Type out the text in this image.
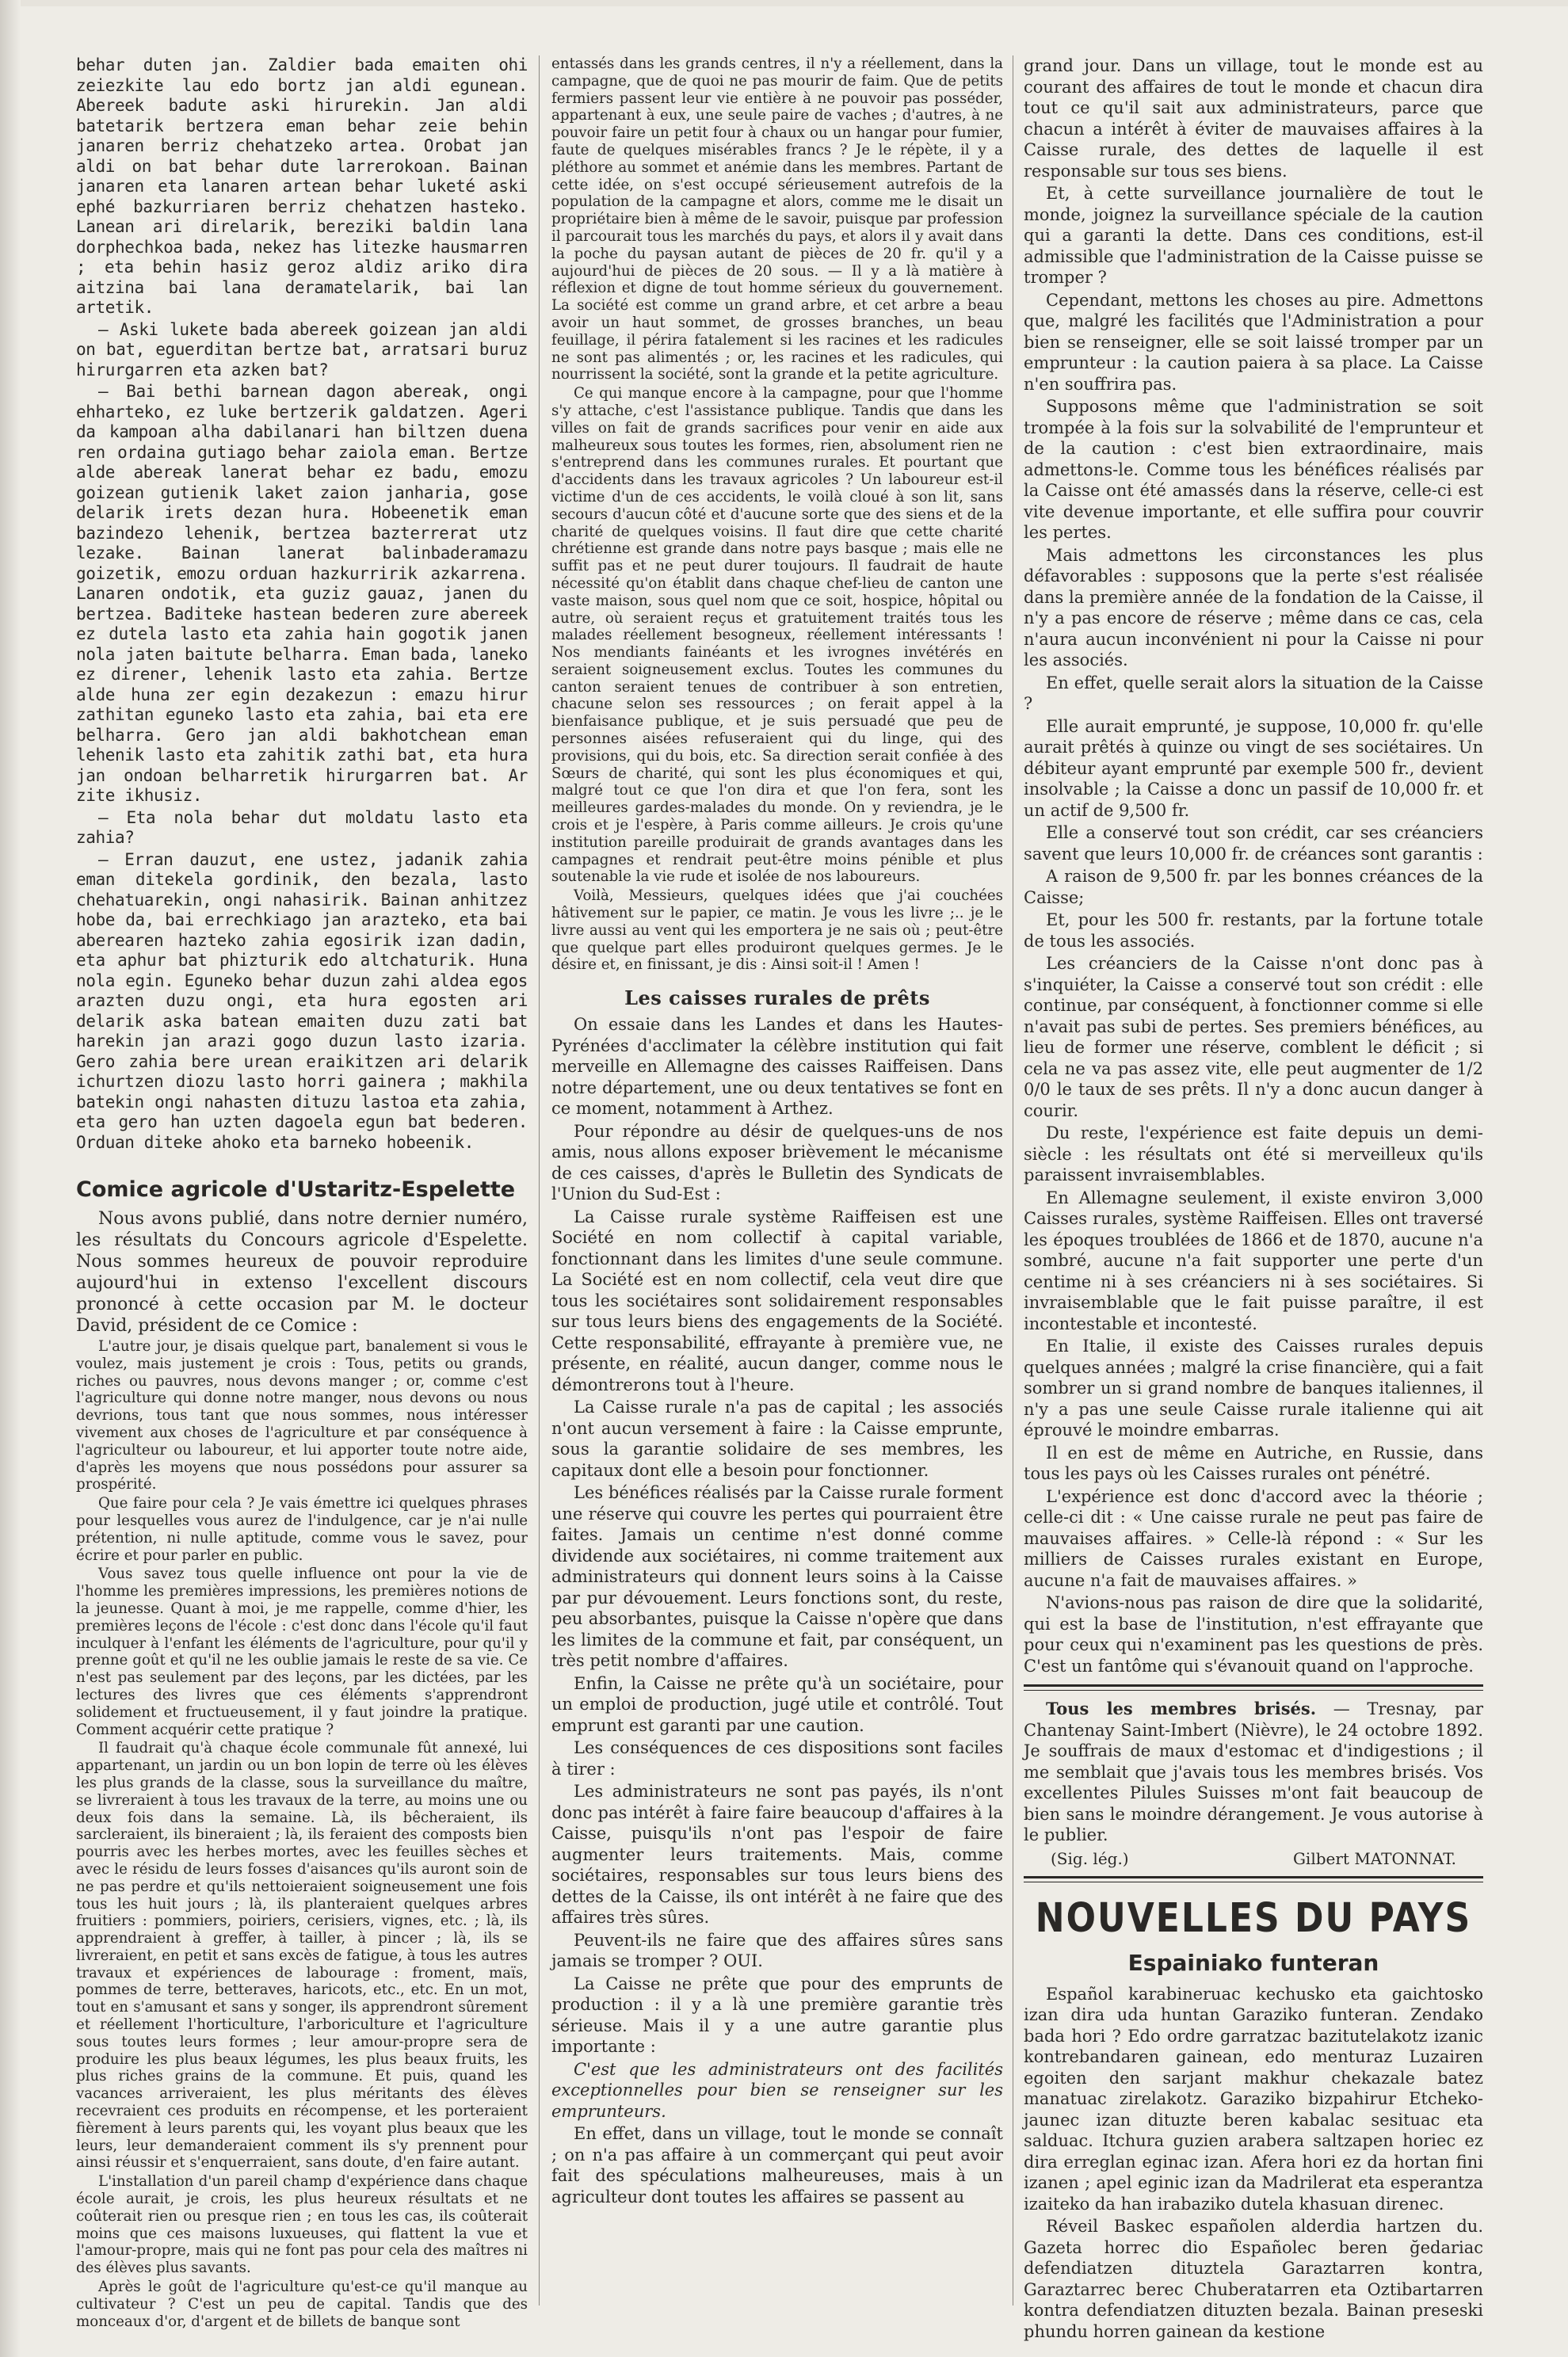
behar duten jan. Zaldier bada emaiten ohi zeiezkite lau edo bortz jan aldi egunean. Abereek badute aski hirurekin. Jan aldi batetarik bertzera eman behar zeie behin janaren berriz chehatzeko artea. Orobat jan aldi on bat behar dute larrerokoan. Bainan janaren eta lanaren artean behar luketé aski ephé bazkurriaren berriz chehatzen hasteko. Lanean ari direlarik, bereziki baldin lana dorphechkoa bada, nekez has litezke hausmarren ; eta behin hasiz geroz aldiz ariko dira aitzina bai lana deramatelarik, bai lan artetik.

— Aski lukete bada abereek goizean jan aldi on bat, eguerditan bertze bat, arratsari buruz hirurgarren eta azken bat?

— Bai bethi barnean dagon abereak, ongi ehharteko, ez luke bertzerik galdatzen. Ageri da kampoan alha dabilanari han biltzen duena ren ordaina gutiago behar zaiola eman. Bertze alde abereak lanerat behar ez badu, emozu goizean gutienik laket zaion janharia, gose delarik irets dezan hura. Hobeenetik eman bazindezo lehenik, bertzea bazterrerat utz lezake. Bainan lanerat balinbaderamazu goizetik, emozu orduan hazkurririk azkarrena. Lanaren ondotik, eta guziz gauaz, janen du bertzea. Baditeke hastean bederen zure abereek ez dutela lasto eta zahia hain gogotik janen nola jaten baitute belharra. Eman bada, laneko ez direner, lehenik lasto eta zahia. Bertze alde huna zer egin dezakezun : emazu hirur zathitan eguneko lasto eta zahia, bai eta ere belharra. Gero jan aldi bakhotchean eman lehenik lasto eta zahitik zathi bat, eta hura jan ondoan belharretik hirurgarren bat. Ar zite ikhusiz.

— Eta nola behar dut moldatu lasto eta zahia?

— Erran dauzut, ene ustez, jadanik zahia eman ditekela gordinik, den bezala, lasto chehatuarekin, ongi nahasirik. Bainan anhitzez hobe da, bai errechkiago jan arazteko, eta bai aberearen hazteko zahia egosirik izan dadin, eta aphur bat phizturik edo altchaturik. Huna nola egin. Eguneko behar duzun zahi aldea egos arazten duzu ongi, eta hura egosten ari delarik aska batean emaiten duzu zati bat harekin jan arazi gogo duzun lasto izaria. Gero zahia bere urean eraikitzen ari delarik ichurtzen diozu lasto horri gainera ; makhila batekin ongi nahasten dituzu lastoa eta zahia, eta gero han uzten dagoela egun bat bederen. Orduan diteke ahoko eta barneko hobeenik.

Comice agricole d'Ustaritz-Espelette

Nous avons publié, dans notre dernier numéro, les résultats du Concours agricole d'Espelette. Nous sommes heureux de pouvoir reproduire aujourd'hui in extenso l'excellent discours prononcé à cette occasion par M. le docteur David, président de ce Comice :

L'autre jour, je disais quelque part, banalement si vous le voulez, mais justement je crois : Tous, petits ou grands, riches ou pauvres, nous devons manger ; or, comme c'est l'agriculture qui donne notre manger, nous devons ou nous devrions, tous tant que nous sommes, nous intéresser vivement aux choses de l'agriculture et par conséquence à l'agriculteur ou laboureur, et lui apporter toute notre aide, d'après les moyens que nous possédons pour assurer sa prospérité.

Que faire pour cela ? Je vais émettre ici quelques phrases pour lesquelles vous aurez de l'indulgence, car je n'ai nulle prétention, ni nulle aptitude, comme vous le savez, pour écrire et pour parler en public.

Vous savez tous quelle influence ont pour la vie de l'homme les premières impressions, les premières notions de la jeunesse. Quant à moi, je me rappelle, comme d'hier, les premières leçons de l'école : c'est donc dans l'école qu'il faut inculquer à l'enfant les éléments de l'agriculture, pour qu'il y prenne goût et qu'il ne les oublie jamais le reste de sa vie. Ce n'est pas seulement par des leçons, par les dictées, par les lectures des livres que ces éléments s'apprendront solidement et fructueusement, il y faut joindre la pratique. Comment acquérir cette pratique ?

Il faudrait qu'à chaque école communale fût annexé, lui appartenant, un jardin ou un bon lopin de terre où les élèves les plus grands de la classe, sous la surveillance du maître, se livreraient à tous les travaux de la terre, au moins une ou deux fois dans la semaine. Là, ils bêcheraient, ils sarcleraient, ils bineraient ; là, ils feraient des composts bien pourris avec les herbes mortes, avec les feuilles sèches et avec le résidu de leurs fosses d'aisances qu'ils auront soin de ne pas perdre et qu'ils nettoieraient soigneusement une fois tous les huit jours ; là, ils planteraient quelques arbres fruitiers : pommiers, poiriers, cerisiers, vignes, etc. ; là, ils apprendraient à greffer, à tailler, à pincer ; là, ils se livreraient, en petit et sans excès de fatigue, à tous les autres travaux et expériences de labourage : froment, maïs, pommes de terre, betteraves, haricots, etc., etc. En un mot, tout en s'amusant et sans y songer, ils apprendront sûrement et réellement l'horticulture, l'arboriculture et l'agriculture sous toutes leurs formes ; leur amour-propre sera de produire les plus beaux légumes, les plus beaux fruits, les plus riches grains de la commune. Et puis, quand les vacances arriveraient, les plus méritants des élèves recevraient ces produits en récompense, et les porteraient fièrement à leurs parents qui, les voyant plus beaux que les leurs, leur demanderaient comment ils s'y prennent pour ainsi réussir et s'enquerraient, sans doute, d'en faire autant.

L'installation d'un pareil champ d'expérience dans chaque école aurait, je crois, les plus heureux résultats et ne coûterait rien ou presque rien ; en tous les cas, ils coûterait moins que ces maisons luxueuses, qui flattent la vue et l'amour-propre, mais qui ne font pas pour cela des maîtres ni des élèves plus savants.

Après le goût de l'agriculture qu'est-ce qu'il manque au cultivateur ? C'est un peu de capital. Tandis que des monceaux d'or, d'argent et de billets de banque sont

entassés dans les grands centres, il n'y a réellement, dans la campagne, que de quoi ne pas mourir de faim. Que de petits fermiers passent leur vie entière à ne pouvoir pas posséder, appartenant à eux, une seule paire de vaches ; d'autres, à ne pouvoir faire un petit four à chaux ou un hangar pour fumier, faute de quelques misérables francs ? Je le répète, il y a pléthore au sommet et anémie dans les membres. Partant de cette idée, on s'est occupé sérieusement autrefois de la population de la campagne et alors, comme me le disait un propriétaire bien à même de le savoir, puisque par profession il parcourait tous les marchés du pays, et alors il y avait dans la poche du paysan autant de pièces de 20 fr. qu'il y a aujourd'hui de pièces de 20 sous. — Il y a là matière à réflexion et digne de tout homme sérieux du gouvernement. La société est comme un grand arbre, et cet arbre a beau avoir un haut sommet, de grosses branches, un beau feuillage, il périra fatalement si les racines et les radicules ne sont pas alimentés ; or, les racines et les radicules, qui nourrissent la société, sont la grande et la petite agriculture.

Ce qui manque encore à la campagne, pour que l'homme s'y attache, c'est l'assistance publique. Tandis que dans les villes on fait de grands sacrifices pour venir en aide aux malheureux sous toutes les formes, rien, absolument rien ne s'entreprend dans les communes rurales. Et pourtant que d'accidents dans les travaux agricoles ? Un laboureur est-il victime d'un de ces accidents, le voilà cloué à son lit, sans secours d'aucun côté et d'aucune sorte que des siens et de la charité de quelques voisins. Il faut dire que cette charité chrétienne est grande dans notre pays basque ; mais elle ne suffit pas et ne peut durer toujours. Il faudrait de haute nécessité qu'on établit dans chaque chef-lieu de canton une vaste maison, sous quel nom que ce soit, hospice, hôpital ou autre, où seraient reçus et gratuitement traités tous les malades réellement besogneux, réellement intéressants ! Nos mendiants fainéants et les ivrognes invétérés en seraient soigneusement exclus. Toutes les communes du canton seraient tenues de contribuer à son entretien, chacune selon ses ressources ; on ferait appel à la bienfaisance publique, et je suis persuadé que peu de personnes aisées refuseraient qui du linge, qui des provisions, qui du bois, etc. Sa direction serait confiée à des Sœurs de charité, qui sont les plus économiques et qui, malgré tout ce que l'on dira et que l'on fera, sont les meilleures gardes-malades du monde. On y reviendra, je le crois et je l'espère, à Paris comme ailleurs. Je crois qu'une institution pareille produirait de grands avantages dans les campagnes et rendrait peut-être moins pénible et plus soutenable la vie rude et isolée de nos laboureurs.

Voilà, Messieurs, quelques idées que j'ai couchées hâtivement sur le papier, ce matin. Je vous les livre ;.. je le livre aussi au vent qui les emportera je ne sais où ; peut-être que quelque part elles produiront quelques germes. Je le désire et, en finissant, je dis : Ainsi soit-il ! Amen !

Les caisses rurales de prêts

On essaie dans les Landes et dans les Hautes-Pyrénées d'acclimater la célèbre institution qui fait merveille en Allemagne des caisses Raiffeisen. Dans notre département, une ou deux tentatives se font en ce moment, notamment à Arthez.

Pour répondre au désir de quelques-uns de nos amis, nous allons exposer brièvement le mécanisme de ces caisses, d'après le Bulletin des Syndicats de l'Union du Sud-Est :

La Caisse rurale système Raiffeisen est une Société en nom collectif à capital variable, fonctionnant dans les limites d'une seule commune. La Société est en nom collectif, cela veut dire que tous les sociétaires sont solidairement responsables sur tous leurs biens des engagements de la Société. Cette responsabilité, effrayante à première vue, ne présente, en réalité, aucun danger, comme nous le démontrerons tout à l'heure.

La Caisse rurale n'a pas de capital ; les associés n'ont aucun versement à faire : la Caisse emprunte, sous la garantie solidaire de ses membres, les capitaux dont elle a besoin pour fonctionner.

Les bénéfices réalisés par la Caisse rurale forment une réserve qui couvre les pertes qui pourraient être faites. Jamais un centime n'est donné comme dividende aux sociétaires, ni comme traitement aux administrateurs qui donnent leurs soins à la Caisse par pur dévouement. Leurs fonctions sont, du reste, peu absorbantes, puisque la Caisse n'opère que dans les limites de la commune et fait, par conséquent, un très petit nombre d'affaires.

Enfin, la Caisse ne prête qu'à un sociétaire, pour un emploi de production, jugé utile et contrôlé. Tout emprunt est garanti par une caution.

Les conséquences de ces dispositions sont faciles à tirer :

Les administrateurs ne sont pas payés, ils n'ont donc pas intérêt à faire faire beaucoup d'affaires à la Caisse, puisqu'ils n'ont pas l'espoir de faire augmenter leurs traitements. Mais, comme sociétaires, responsables sur tous leurs biens des dettes de la Caisse, ils ont intérêt à ne faire que des affaires très sûres.

Peuvent-ils ne faire que des affaires sûres sans jamais se tromper ? OUI.

La Caisse ne prête que pour des emprunts de production : il y a là une première garantie très sérieuse. Mais il y a une autre garantie plus importante :

C'est que les administrateurs ont des facilités exceptionnelles pour bien se renseigner sur les emprunteurs.

En effet, dans un village, tout le monde se connaît ; on n'a pas affaire à un commerçant qui peut avoir fait des spéculations malheureuses, mais à un agriculteur dont toutes les affaires se passent au

grand jour. Dans un village, tout le monde est au courant des affaires de tout le monde et chacun dira tout ce qu'il sait aux administrateurs, parce que chacun a intérêt à éviter de mauvaises affaires à la Caisse rurale, des dettes de laquelle il est responsable sur tous ses biens.

Et, à cette surveillance journalière de tout le monde, joignez la surveillance spéciale de la caution qui a garanti la dette. Dans ces conditions, est-il admissible que l'administration de la Caisse puisse se tromper ?

Cependant, mettons les choses au pire. Admettons que, malgré les facilités que l'Administration a pour bien se renseigner, elle se soit laissé tromper par un emprunteur : la caution paiera à sa place. La Caisse n'en souffrira pas.

Supposons même que l'administration se soit trompée à la fois sur la solvabilité de l'emprunteur et de la caution : c'est bien extraordinaire, mais admettons-le. Comme tous les bénéfices réalisés par la Caisse ont été amassés dans la réserve, celle-ci est vite devenue importante, et elle suffira pour couvrir les pertes.

Mais admettons les circonstances les plus défavorables : supposons que la perte s'est réalisée dans la première année de la fondation de la Caisse, il n'y a pas encore de réserve ; même dans ce cas, cela n'aura aucun inconvénient ni pour la Caisse ni pour les associés.

En effet, quelle serait alors la situation de la Caisse ?

Elle aurait emprunté, je suppose, 10,000 fr. qu'elle aurait prêtés à quinze ou vingt de ses sociétaires. Un débiteur ayant emprunté par exemple 500 fr., devient insolvable ; la Caisse a donc un passif de 10,000 fr. et un actif de 9,500 fr.

Elle a conservé tout son crédit, car ses créanciers savent que leurs 10,000 fr. de créances sont garantis :

A raison de 9,500 fr. par les bonnes créances de la Caisse;

Et, pour les 500 fr. restants, par la fortune totale de tous les associés.

Les créanciers de la Caisse n'ont donc pas à s'inquiéter, la Caisse a conservé tout son crédit : elle continue, par conséquent, à fonctionner comme si elle n'avait pas subi de pertes. Ses premiers bénéfices, au lieu de former une réserve, comblent le déficit ; si cela ne va pas assez vite, elle peut augmenter de 1/2 0/0 le taux de ses prêts. Il n'y a donc aucun danger à courir.

Du reste, l'expérience est faite depuis un demi-siècle : les résultats ont été si merveilleux qu'ils paraissent invraisemblables.

En Allemagne seulement, il existe environ 3,000 Caisses rurales, système Raiffeisen. Elles ont traversé les époques troublées de 1866 et de 1870, aucune n'a sombré, aucune n'a fait supporter une perte d'un centime ni à ses créanciers ni à ses sociétaires. Si invraisemblable que le fait puisse paraître, il est incontestable et incontesté.

En Italie, il existe des Caisses rurales depuis quelques années ; malgré la crise financière, qui a fait sombrer un si grand nombre de banques italiennes, il n'y a pas une seule Caisse rurale italienne qui ait éprouvé le moindre embarras.

Il en est de même en Autriche, en Russie, dans tous les pays où les Caisses rurales ont pénétré.

L'expérience est donc d'accord avec la théorie ; celle-ci dit : « Une caisse rurale ne peut pas faire de mauvaises affaires. » Celle-là répond : « Sur les milliers de Caisses rurales existant en Europe, aucune n'a fait de mauvaises affaires. »

N'avions-nous pas raison de dire que la solidarité, qui est la base de l'institution, n'est effrayante que pour ceux qui n'examinent pas les questions de près. C'est un fantôme qui s'évanouit quand on l'approche.

Tous les membres brisés. — Tresnay, par Chantenay Saint-Imbert (Nièvre), le 24 octobre 1892. Je souffrais de maux d'estomac et d'indigestions ; il me semblait que j'avais tous les membres brisés. Vos excellentes Pilules Suisses m'ont fait beaucoup de bien sans le moindre dérangement. Je vous autorise à le publier.

(Sig. lég.)	Gilbert MATONNAT.
NOUVELLES DU PAYS
Espainiako funteran

Español karabineruac kechusko eta gaichtosko izan dira uda huntan Garaziko funteran. Zendako bada hori ? Edo ordre garratzac bazitutelakotz izanic kontrebandaren gainean, edo menturaz Luzairen egoiten den sarjant makhur chekazale batez manatuac zirelakotz. Garaziko bizpahirur Etcheko-jaunec izan dituzte beren kabalac sesituac eta salduac. Itchura guzien arabera saltzapen horiec ez dira erreglan eginac izan. Afera hori ez da hortan fini izanen ; apel eginic izan da Madrilerat eta esperantza izaiteko da han irabaziko dutela khasuan direnec.

Réveil Baskec españolen alderdia hartzen du. Gazeta horrec dio Españolec beren ğedariac defendiatzen dituztela Garaztarren kontra, Garaztarrec berec Chuberatarren eta Oztibartarren kontra defendiatzen dituzten bezala. Bainan preseski phundu horren gainean da kestione
